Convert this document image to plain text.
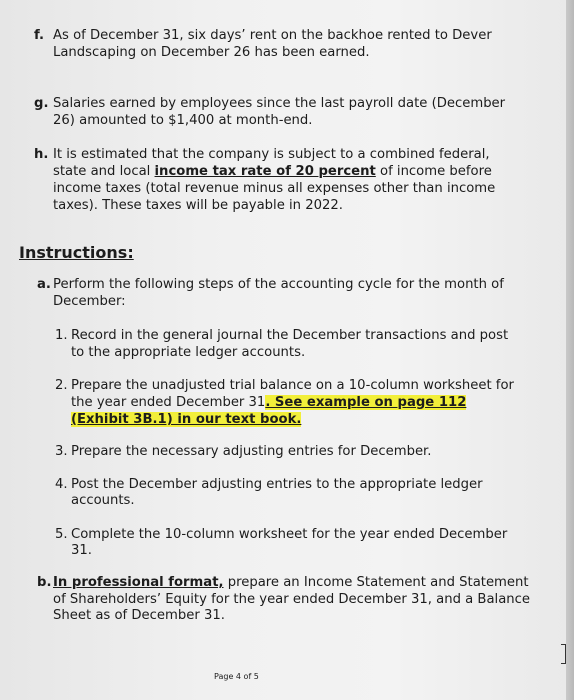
f. As of December 31, six days’ rent on the backhoe rented to Dever
Landscaping on December 26 has been earned.
g. Salaries earned by employees since the last payroll date (December
26) amounted to $1,400 at month-end.
h. It is estimated that the company is subject to a combined federal,
state and local income tax rate of 20 percent of income before
income taxes (total revenue minus all expenses other than income
taxes). These taxes will be payable in 2022.
Instructions:
a. Perform the following steps of the accounting cycle for the month of
December:
1. Record in the general journal the December transactions and post
to the appropriate ledger accounts.
2. Prepare the unadjusted trial balance on a 10-column worksheet for
the year ended December 31. See example on page 112
(Exhibit 3B.1) in our text book.
3. Prepare the necessary adjusting entries for December.
4. Post the December adjusting entries to the appropriate ledger
accounts.
5. Complete the 10-column worksheet for the year ended December
31.
b. In professional format, prepare an Income Statement and Statement
of Shareholders’ Equity for the year ended December 31, and a Balance
Sheet as of December 31.
Page 4 of 5
